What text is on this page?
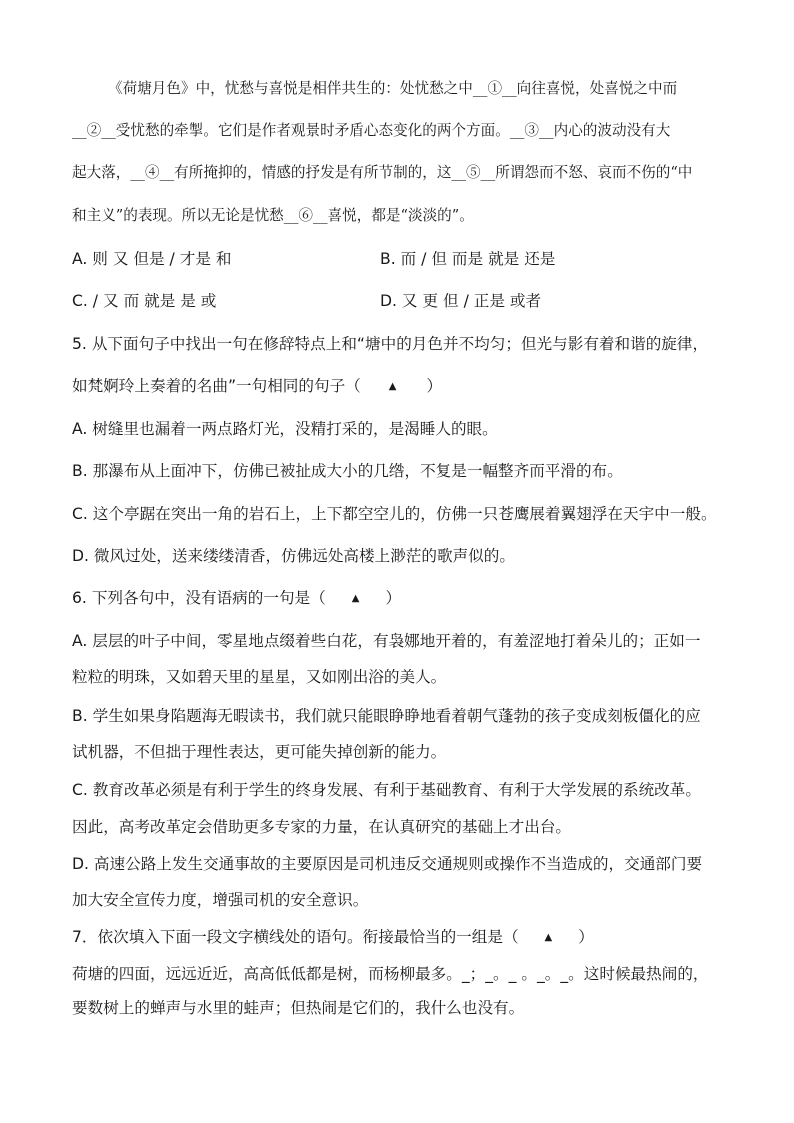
《荷塘月色》中，忧愁与喜悦是相伴共生的：处忧愁之中__①__向往喜悦，处喜悦之中而
__②__受忧愁的牵掣。它们是作者观景时矛盾心态变化的两个方面。__③__内心的波动没有大
起大落，__④__有所掩抑的，情感的抒发是有所节制的，这__⑤__所谓怨而不怒、哀而不伤的“中
和主义”的表现。所以无论是忧愁__⑥__喜悦，都是“淡淡的”。
A. 则 又 但是 / 才是 和	B. 而 / 但 而是 就是 还是
C. / 又 而 就是 是 或	D. 又 更 但 / 正是 或者
5. 从下面句子中找出一句在修辞特点上和“塘中的月色并不均匀；但光与影有着和谐的旋律，
如梵婀玲上奏着的名曲”一句相同的句子（	▲ ）
A. 树缝里也漏着一两点路灯光，没精打采的，是渴睡人的眼。
B. 那瀑布从上面冲下，仿佛已被扯成大小的几绺，不复是一幅整齐而平滑的布。
C. 这个亭踞在突出一角的岩石上，上下都空空儿的，仿佛一只苍鹰展着翼翅浮在天宇中一般。
D. 微风过处，送来缕缕清香，仿佛远处高楼上渺茫的歌声似的。
6. 下列各句中，没有语病的一句是（	▲ ）
A. 层层的叶子中间，零星地点缀着些白花，有袅娜地开着的，有羞涩地打着朵儿的；正如一
粒粒的明珠，又如碧天里的星星，又如刚出浴的美人。
B. 学生如果身陷题海无暇读书，我们就只能眼睁睁地看着朝气蓬勃的孩子变成刻板僵化的应
试机器，不但拙于理性表达，更可能失掉创新的能力。
C. 教育改革必须是有利于学生的终身发展、有利于基础教育、有利于大学发展的系统改革。
因此，高考改革定会借助更多专家的力量，在认真研究的基础上才出台。
D. 高速公路上发生交通事故的主要原因是司机违反交通规则或操作不当造成的，交通部门要
加大安全宣传力度，增强司机的安全意识。
7．依次填入下面一段文字横线处的语句。衔接最恰当的一组是（	▲ ）
荷塘的四面，远远近近，高高低低都是树，而杨柳最多。_；_。_ 。_。_。这时候最热闹的，
要数树上的蝉声与水里的蛙声；但热闹是它们的，我什么也没有。
